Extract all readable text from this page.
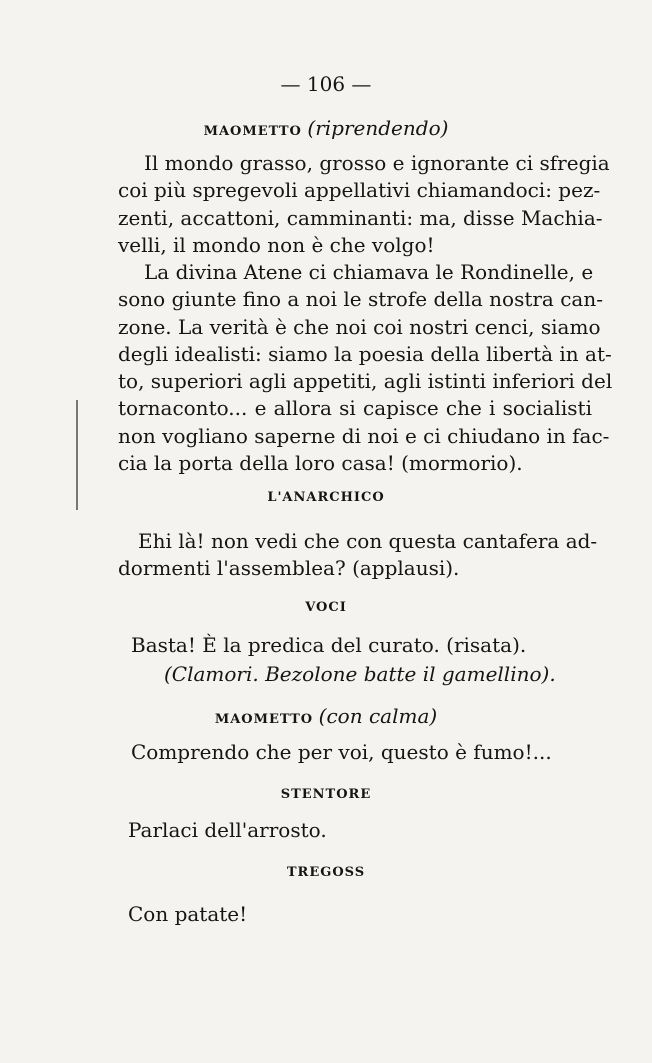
— 106 —
MAOMETTO (riprendendo)
Il mondo grasso, grosso e ignorante ci sfregia
coi più spregevoli appellativi chiamandoci: pez-
zenti, accattoni, camminanti: ma, disse Machia-
velli, il mondo non è che volgo!
La divina Atene ci chiamava le Rondinelle, e
sono giunte fino a noi le strofe della nostra can-
zone. La verità è che noi coi nostri cenci, siamo
degli idealisti: siamo la poesia della libertà in at-
to, superiori agli appetiti, agli istinti inferiori del
tornaconto... e allora si capisce che i socialisti
non vogliano saperne di noi e ci chiudano in fac-
cia la porta della loro casa! (mormorio).
L'ANARCHICO
Ehi là! non vedi che con questa cantafera ad-
dormenti l'assemblea? (applausi).
VOCI
Basta! È la predica del curato. (risata).
(Clamori. Bezolone batte il gamellino).
MAOMETTO (con calma)
Comprendo che per voi, questo è fumo!...
STENTORE
Parlaci dell'arrosto.
TREGOSS
Con patate!
